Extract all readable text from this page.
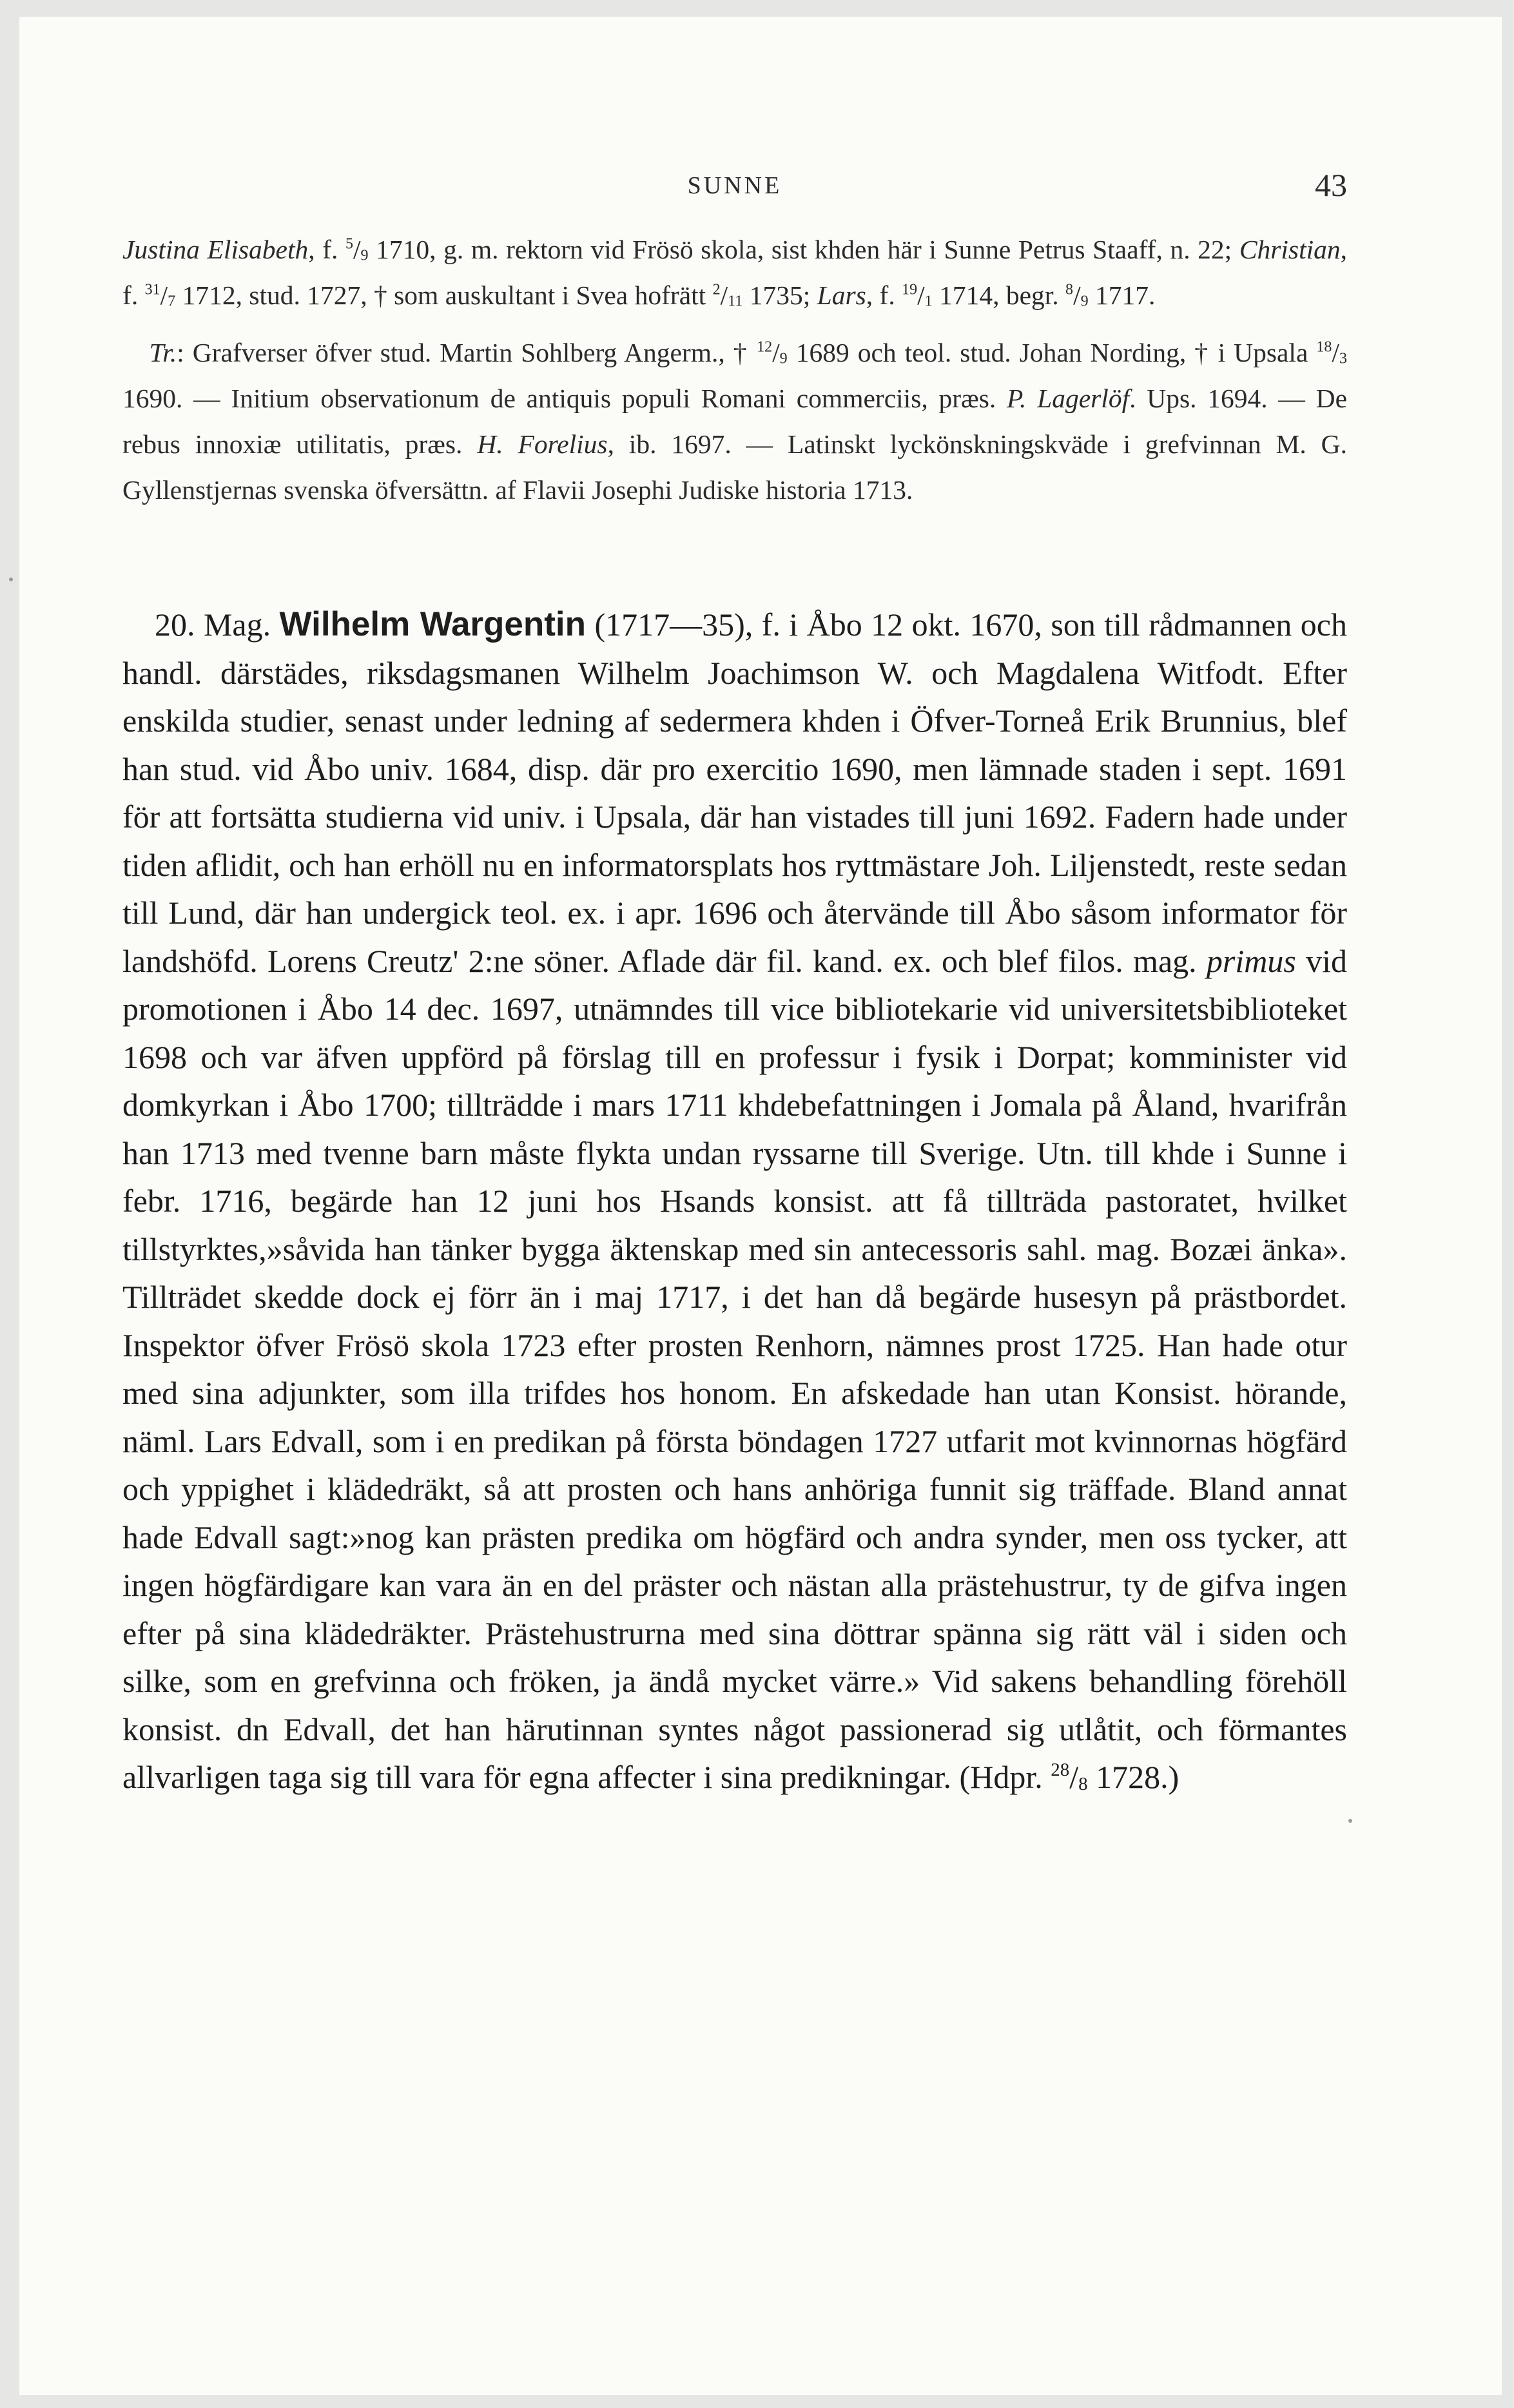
SUNNE	43

Justina Elisabeth, f. $^5/_9$ 1710, g. m. rektorn vid Frösö skola, sist khden här i Sunne Petrus Staaff, n. 22; Christian, f. $^{31}/_7$ 1712, stud. 1727, † som auskultant i Svea hofrätt $^2/_{11}$ 1735; Lars, f. $^{19}/_1$ 1714, begr. $^8/_9$ 1717.

 Tr.: Grafverser öfver stud. Martin Sohlberg Angerm., † $^{12}/_9$ 1689 och teol. stud. Johan Nording, † i Upsala $^{18}/_3$ 1690. — Initium observationum de antiquis populi Romani commerciis, præs. P. Lagerlöf. Ups. 1694. — De rebus innoxiæ utilitatis, præs. H. Forelius, ib. 1697. — Latinskt lyckönskningskväde i grefvinnan M. G. Gyllenstjernas svenska öfversättn. af Flavii Josephi Judiske historia 1713.

 20. Mag. Wilhelm Wargentin (1717—35), f. i Åbo 12 okt. 1670, son till rådmannen och handl. därstädes, riksdagsmanen Wilhelm Joachimson W. och Magdalena Witfodt. Efter enskilda studier, senast under ledning af sedermera khden i Öfver-Torneå Erik Brunnius, blef han stud. vid Åbo univ. 1684, disp. där pro exercitio 1690, men lämnade staden i sept. 1691 för att fortsätta studierna vid univ. i Upsala, där han vistades till juni 1692. Fadern hade under tiden aflidit, och han erhöll nu en informatorsplats hos ryttmästare Joh. Liljenstedt, reste sedan till Lund, där han undergick teol. ex. i apr. 1696 och återvände till Åbo såsom informator för landshöfd. Lorens Creutz' 2:ne söner. Aflade där fil. kand. ex. och blef filos. mag. primus vid promotionen i Åbo 14 dec. 1697, utnämndes till vice bibliotekarie vid universitetsbiblioteket 1698 och var äfven uppförd på förslag till en professur i fysik i Dorpat; komminister vid domkyrkan i Åbo 1700; tillträdde i mars 1711 khdebefattningen i Jomala på Åland, hvarifrån han 1713 med tvenne barn måste flykta undan ryssarne till Sverige. Utn. till khde i Sunne i febr. 1716, begärde han 12 juni hos Hsands konsist. att få tillträda pastoratet, hvilket tillstyrktes,»såvida han tänker bygga äktenskap med sin antecessoris sahl. mag. Bozæi änka». Tillträdet skedde dock ej förr än i maj 1717, i det han då begärde husesyn på prästbordet. Inspektor öfver Frösö skola 1723 efter prosten Renhorn, nämnes prost 1725. Han hade otur med sina adjunkter, som illa trifdes hos honom. En afskedade han utan Konsist. hörande, näml. Lars Edvall, som i en predikan på första böndagen 1727 utfarit mot kvinnornas högfärd och yppighet i klädedräkt, så att prosten och hans anhöriga funnit sig träffade. Bland annat hade Edvall sagt:»nog kan prästen predika om högfärd och andra synder, men oss tycker, att ingen högfärdigare kan vara än en del präster och nästan alla prästehustrur, ty de gifva ingen efter på sina klädedräkter. Prästehustrurna med sina döttrar spänna sig rätt väl i siden och silke, som en grefvinna och fröken, ja ändå mycket värre.» Vid sakens behandling förehöll konsist. dn Edvall, det han härutinnan syntes något passionerad sig utlåtit, och förmantes allvarligen taga sig till vara för egna affecter i sina predikningar. (Hdpr. $^{28}/_8$ 1728.)
